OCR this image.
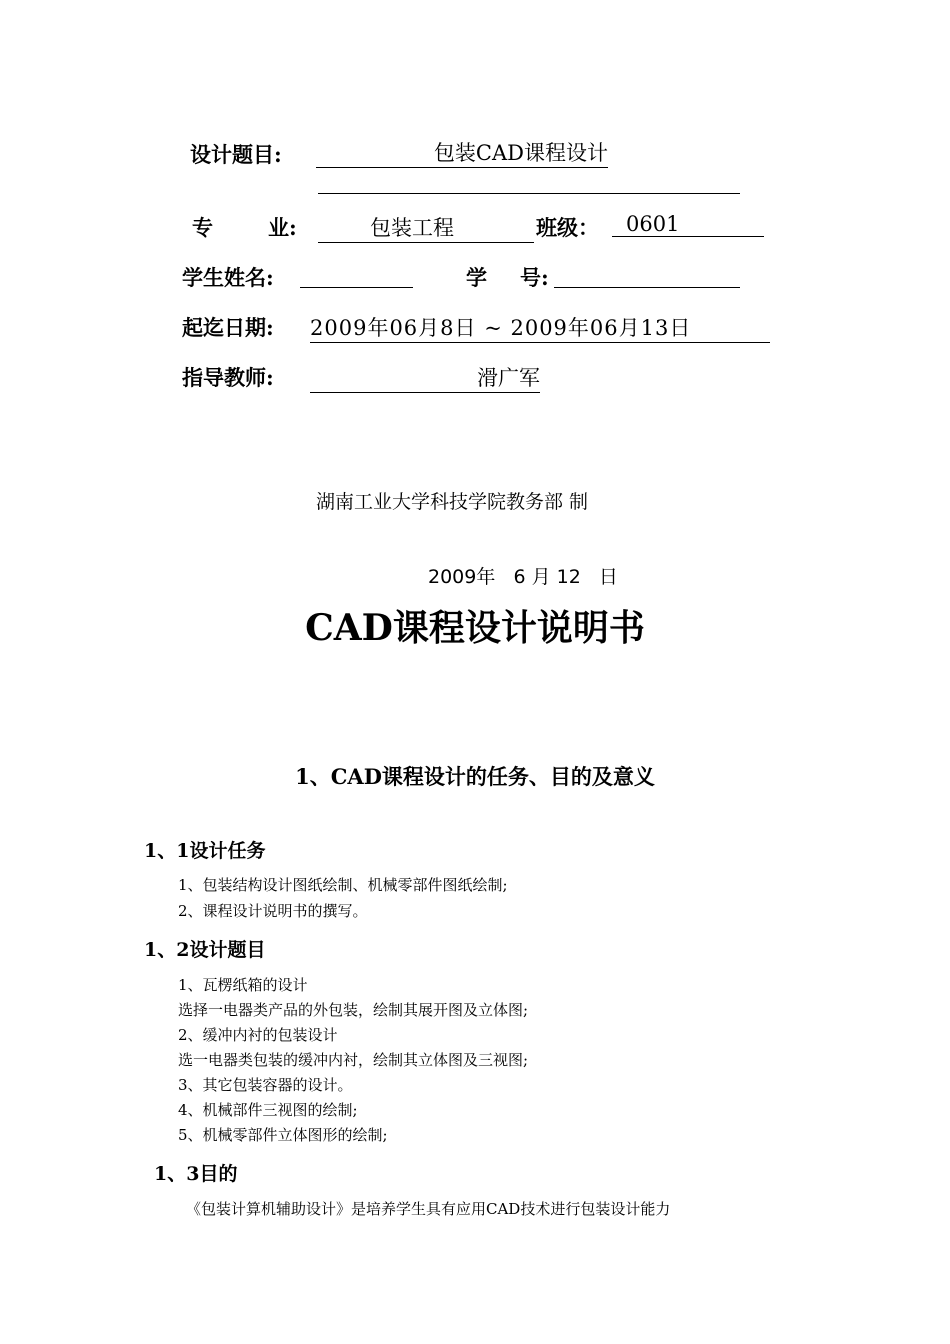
设计题目:	包装CAD课程设计
专	业:	包装工程	班级：	0601
学生姓名:	学 号:
起迄日期: 2009年06月8日 ~ 2009年06月13日
指导教师:	滑广军
湖南工业大学科技学院教务部 制
2009年   6 月 12   日
CAD课程设计说明书
1、CAD课程设计的任务、目的及意义
1、1设计任务
1、包装结构设计图纸绘制、机械零部件图纸绘制;
2、课程设计说明书的撰写。
1、2设计题目
1、瓦楞纸箱的设计
选择一电器类产品的外包装，绘制其展开图及立体图;
2、缓冲内衬的包装设计
选一电器类包装的缓冲内衬，绘制其立体图及三视图;
3、其它包装容器的设计。
4、机械部件三视图的绘制;
5、机械零部件立体图形的绘制;
1、3目的
《包装计算机辅助设计》是培养学生具有应用CAD技术进行包装设计能力
